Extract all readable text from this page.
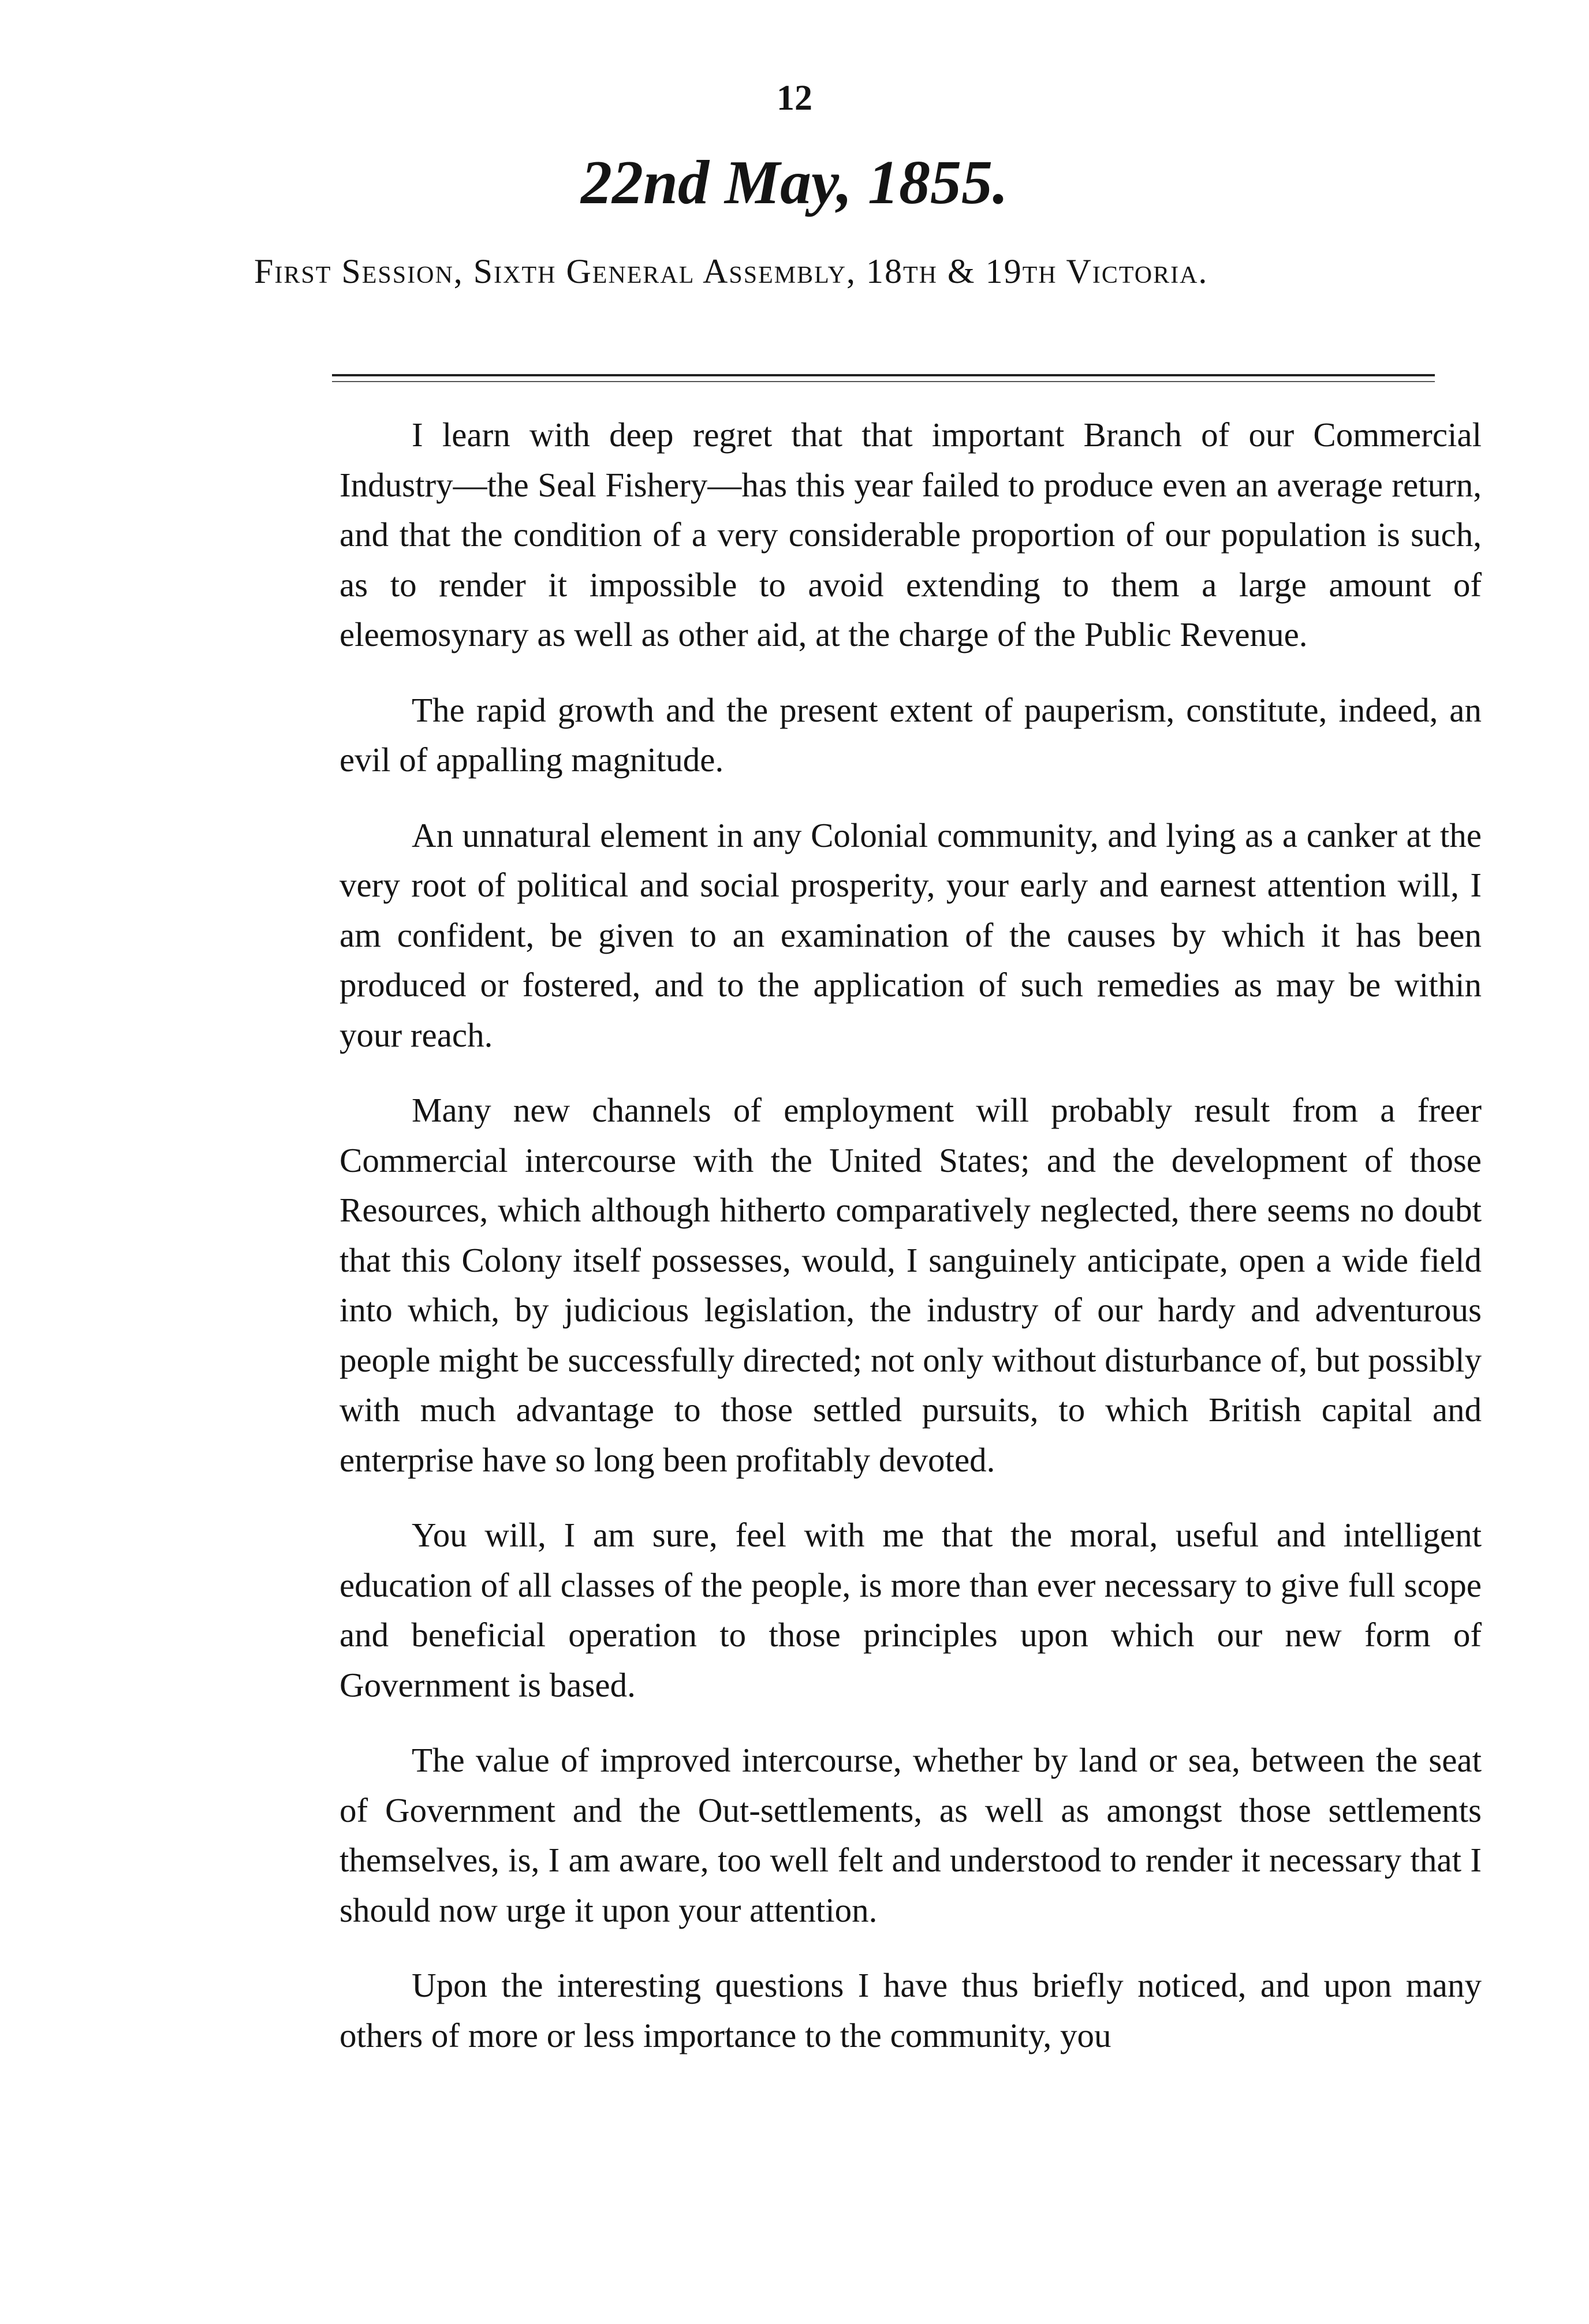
12
22nd May, 1855.
First Session, Sixth General Assembly, 18th & 19th Victoria.

I learn with deep regret that that important Branch of our Commercial Industry—the Seal Fishery—has this year failed to produce even an average return, and that the condition of a very considerable proportion of our population is such, as to render it impossible to avoid extending to them a large amount of eleemosynary as well as other aid, at the charge of the Public Revenue.

The rapid growth and the present extent of pauperism, constitute, indeed, an evil of appalling magnitude.

An unnatural element in any Colonial community, and lying as a canker at the very root of political and social prosperity, your early and earnest attention will, I am confident, be given to an examination of the causes by which it has been produced or fostered, and to the application of such remedies as may be within your reach.

Many new channels of employment will probably result from a freer Commercial intercourse with the United States; and the development of those Resources, which although hitherto comparatively neglected, there seems no doubt that this Colony itself possesses, would, I sanguinely anticipate, open a wide field into which, by judicious legislation, the industry of our hardy and adventurous people might be successfully directed; not only without disturbance of, but possibly with much advantage to those settled pursuits, to which British capital and enterprise have so long been profitably devoted.

You will, I am sure, feel with me that the moral, useful and intelligent education of all classes of the people, is more than ever necessary to give full scope and beneficial operation to those principles upon which our new form of Government is based.

The value of improved intercourse, whether by land or sea, between the seat of Government and the Out-settlements, as well as amongst those settlements themselves, is, I am aware, too well felt and understood to render it necessary that I should now urge it upon your attention.

Upon the interesting questions I have thus briefly noticed, and upon many others of more or less importance to the community, you
